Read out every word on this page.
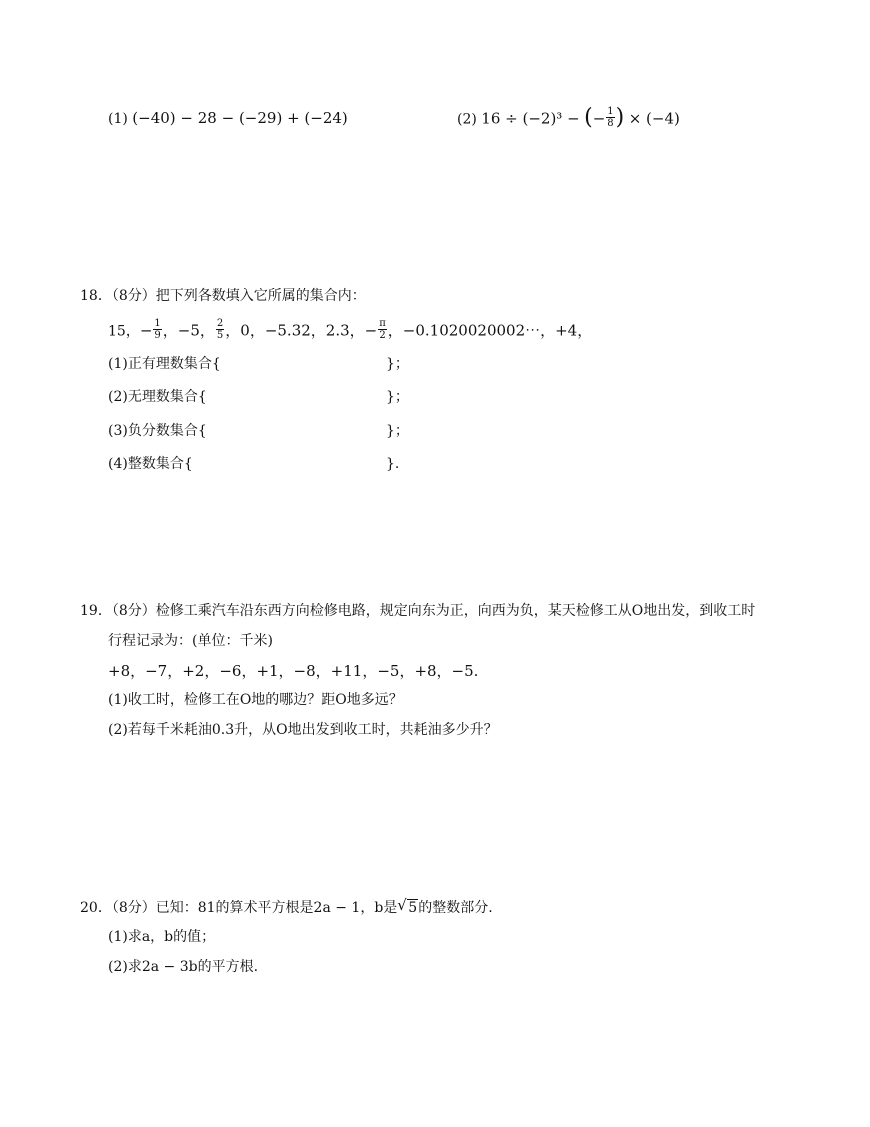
(1) (−40) − 28 − (−29) + (−24)	(2) 16 ÷ (−2)³ − (− $\frac{1}{8}$ ) × (−4)
18．（8分）把下列各数填入它所属的集合内：
15，− $\frac{1}{9}$ ，−5， $\frac{2}{5}$ ，0，−5.32，2.3，− $\frac{\pi}{2}$ ，−0.1020020002⋯，+4，
(1)正有理数集合{	}；
(2)无理数集合{	}；
(3)负分数集合{	}；
(4)整数集合{	}.
19．（8分）检修工乘汽车沿东西方向检修电路，规定向东为正，向西为负，某天检修工从O地出发，到收工时
行程记录为：(单位：千米)
+8，−7，+2，−6，+1，−8，+11，−5，+8，−5.
(1)收工时，检修工在O地的哪边？距O地多远？
(2)若每千米耗油0.3升，从O地出发到收工时，共耗油多少升？
20．（8分）已知：81的算术平方根是2a − 1，b是 √ 5的整数部分.
(1)求a，b的值；
(2)求2a − 3b的平方根.
